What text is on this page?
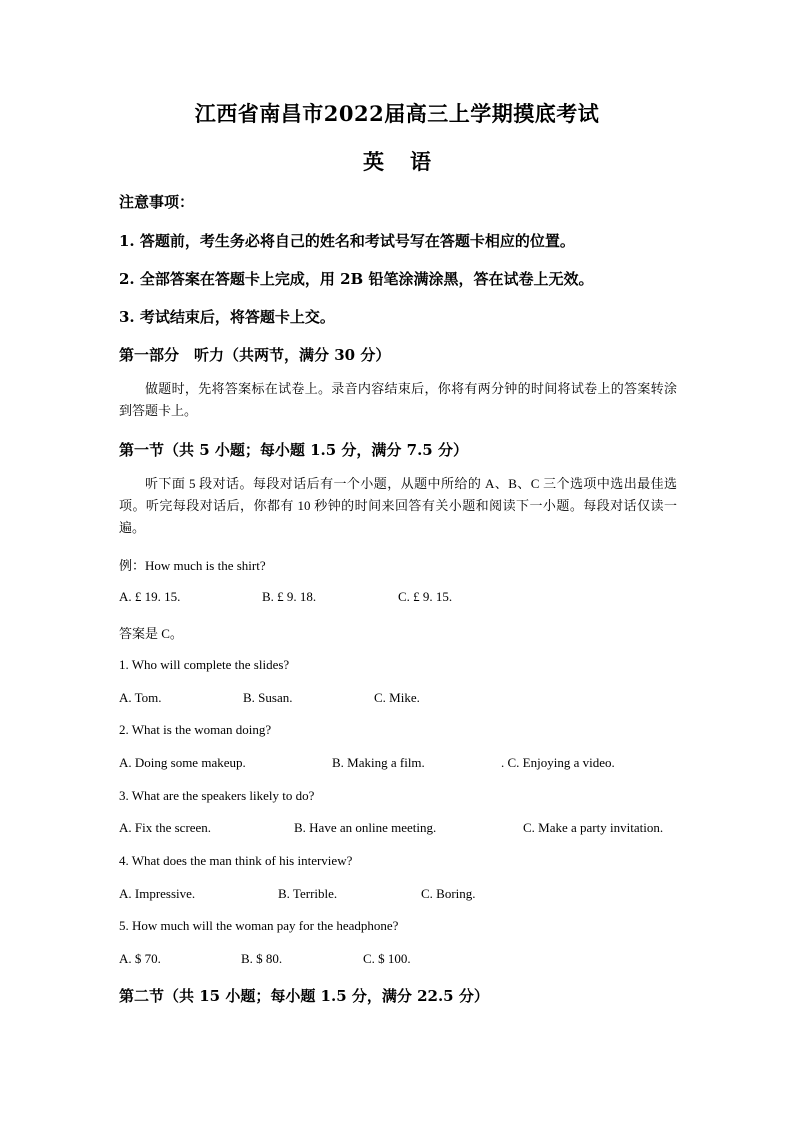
江西省南昌市2022届高三上学期摸底考试
英 语
注意事项：
1. 答题前，考生务必将自己的姓名和考试号写在答题卡相应的位置。
2. 全部答案在答题卡上完成，用 2B 铅笔涂满涂黑，答在试卷上无效。
3. 考试结束后，将答题卡上交。
第一部分　听力（共两节，满分 30 分）
做题时，先将答案标在试卷上。录音内容结束后，你将有两分钟的时间将试卷上的答案转涂到答题卡上。
第一节（共 5 小题；每小题 1.5 分，满分 7.5 分）
听下面 5 段对话。每段对话后有一个小题，从题中所给的 A、B、C 三个选项中选出最佳选项。听完每段对话后，你都有 10 秒钟的时间来回答有关小题和阅读下一小题。每段对话仅读一遍。
例：How much is the shirt?
A. £ 19. 15.	B. £ 9. 18.	C. £ 9. 15.
答案是 C。
1. Who will complete the slides?
A. Tom.	B. Susan.	C. Mike.
2. What is the woman doing?
A. Doing some makeup.	B. Making a film.	. C. Enjoying a video.
3. What are the speakers likely to do?
A. Fix the screen.	B. Have an online meeting.	C. Make a party invitation.
4. What does the man think of his interview?
A. Impressive.	B. Terrible.	C. Boring.
5. How much will the woman pay for the headphone?
A. $ 70.	B. $ 80.	C. $ 100.
第二节（共 15 小题；每小题 1.5 分，满分 22.5 分）
